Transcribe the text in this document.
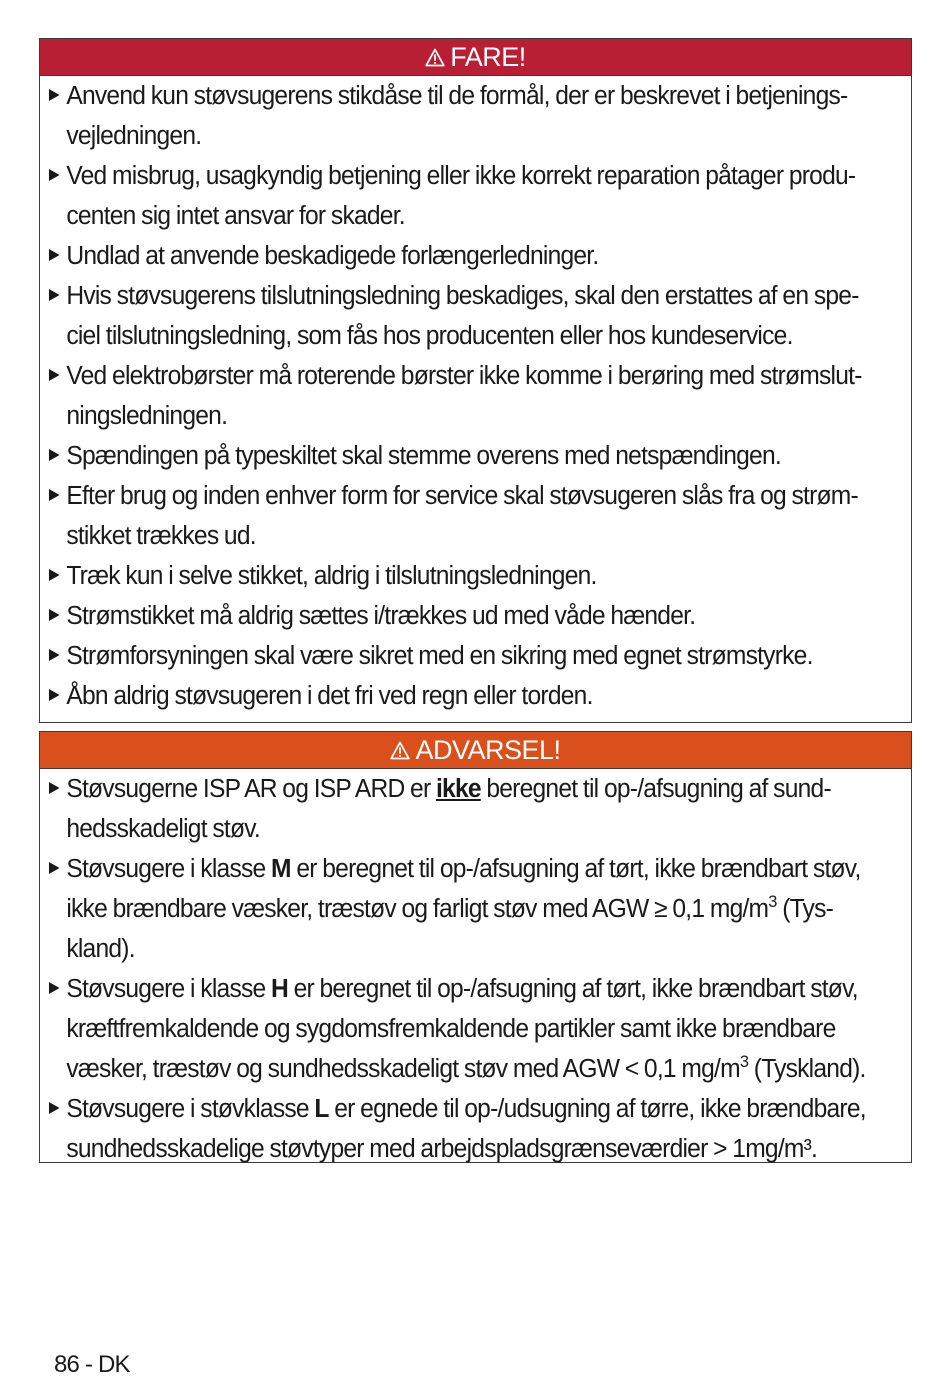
FARE!
Anvend kun støvsugerens stikdåse til de formål, der er beskrevet i betjenings-
vejledningen.
Ved misbrug, usagkyndig betjening eller ikke korrekt reparation påtager produ-
centen sig intet ansvar for skader.
Undlad at anvende beskadigede forlængerledninger.
Hvis støvsugerens tilslutningsledning beskadiges, skal den erstattes af en spe-
ciel tilslutningsledning, som fås hos producenten eller hos kundeservice.
Ved elektrobørster må roterende børster ikke komme i berøring med strømslut-
ningsledningen.
Spændingen på typeskiltet skal stemme overens med netspændingen.
Efter brug og inden enhver form for service skal støvsugeren slås fra og strøm-
stikket trækkes ud.
Træk kun i selve stikket, aldrig i tilslutningsledningen.
Strømstikket må aldrig sættes i/trækkes ud med våde hænder.
Strømforsyningen skal være sikret med en sikring med egnet strømstyrke.
Åbn aldrig støvsugeren i det fri ved regn eller torden.
ADVARSEL!
Støvsugerne ISP AR og ISP ARD er ikke beregnet til op-/afsugning af sund-
hedsskadeligt støv.
Støvsugere i klasse M er beregnet til op-/afsugning af tørt, ikke brændbart støv,
ikke brændbare væsker, træstøv og farligt støv med AGW ≥ 0,1 $mg/m^3$ (Tys-
kland).
Støvsugere i klasse H er beregnet til op-/afsugning af tørt, ikke brændbart støv,
kræftfremkaldende og sygdomsfremkaldende partikler samt ikke brændbare
væsker, træstøv og sundhedsskadeligt støv med AGW < 0,1 $mg/m^3$ (Tyskland).
Støvsugere i støvklasse L er egnede til op-/udsugning af tørre, ikke brændbare,
sundhedsskadelige støvtyper med arbejdspladsgrænseværdier > 1mg/m³.
86 - DK
